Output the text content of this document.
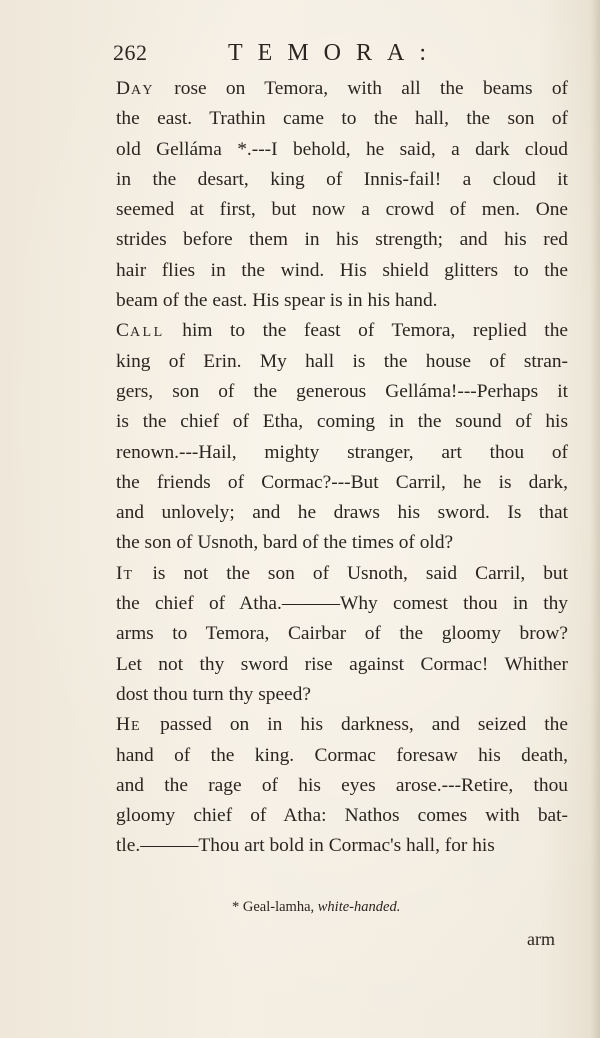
262	TEMORA:
DAY rose on Temora, with all the beams of
the east. Trathin came to the hall, the son of
old Gelláma *.---I behold, he said, a dark cloud
in the desart, king of Innis-fail! a cloud it
seemed at first, but now a crowd of men. One
strides before them in his strength; and his red
hair flies in the wind. His shield glitters to the
beam of the east. His spear is in his hand.
CALL him to the feast of Temora, replied the
king of Erin. My hall is the house of stran-
gers, son of the generous Gelláma!---Perhaps it
is the chief of Etha, coming in the sound of his
renown.---Hail, mighty stranger, art thou of
the friends of Cormac?---But Carril, he is dark,
and unlovely; and he draws his sword. Is that
the son of Usnoth, bard of the times of old?
IT is not the son of Usnoth, said Carril, but
the chief of Atha.———Why comest thou in thy
arms to Temora, Cairbar of the gloomy brow?
Let not thy sword rise against Cormac! Whither
dost thou turn thy speed?
HE passed on in his darkness, and seized the
hand of the king. Cormac foresaw his death,
and the rage of his eyes arose.---Retire, thou
gloomy chief of Atha: Nathos comes with bat-
tle.———Thou art bold in Cormac's hall, for his
* Geal-lamha, white-handed.
arm
